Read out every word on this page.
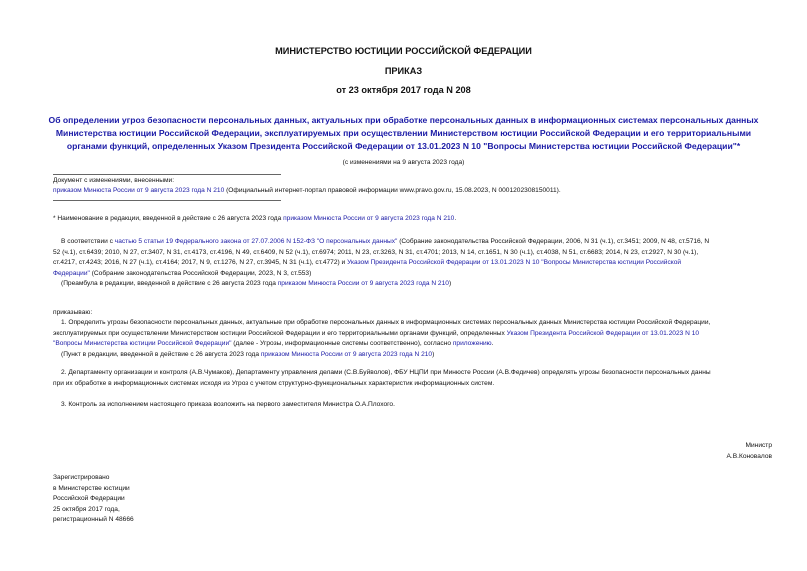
МИНИСТЕРСТВО ЮСТИЦИИ РОССИЙСКОЙ ФЕДЕРАЦИИ
ПРИКАЗ
от 23 октября 2017 года N 208
Об определении угроз безопасности персональных данных, актуальных при обработке персональных данных в информационных системах персональных данных
Министерства юстиции Российской Федерации, эксплуатируемых при осуществлении Министерством юстиции Российской Федерации и его территориальными
органами функций, определенных Указом Президента Российской Федерации от 13.01.2023 N 10 "Вопросы Министерства юстиции Российской Федерации"*
(с изменениями на 9 августа 2023 года)
Документ с изменениями, внесенными:
приказом Минюста России от 9 августа 2023 года N 210 (Официальный интернет-портал правовой информации www.pravo.gov.ru, 15.08.2023, N 0001202308150011).
* Наименование в редакции, введенной в действие с 26 августа 2023 года приказом Минюста России от 9 августа 2023 года N 210.
В соответствии с частью 5 статьи 19 Федерального закона от 27.07.2006 N 152-ФЗ "О персональных данных" (Собрание законодательства Российской Федерации, 2006, N 31 (ч.1), ст.3451; 2009, N 48, ст.5716, N
52 (ч.1), ст.6439; 2010, N 27, ст.3407, N 31, ст.4173, ст.4196, N 49, ст.6409, N 52 (ч.1), ст.6974; 2011, N 23, ст.3263, N 31, ст.4701; 2013, N 14, ст.1651, N 30 (ч.1), ст.4038, N 51, ст.6683; 2014, N 23, ст.2927, N 30 (ч.1),
ст.4217, ст.4243; 2016, N 27 (ч.1), ст.4164; 2017, N 9, ст.1276, N 27, ст.3945, N 31 (ч.1), ст.4772) и Указом Президента Российской Федерации от 13.01.2023 N 10 "Вопросы Министерства юстиции Российской
Федерации" (Собрание законодательства Российской Федерации, 2023, N 3, ст.553)
(Преамбула в редакции, введенной в действие с 26 августа 2023 года приказом Минюста России от 9 августа 2023 года N 210)
приказываю:
1. Определить угрозы безопасности персональных данных, актуальные при обработке персональных данных в информационных системах персональных данных Министерства юстиции Российской Федерации,
эксплуатируемых при осуществлении Министерством юстиции Российской Федерации и его территориальными органами функций, определенных Указом Президента Российской Федерации от 13.01.2023 N 10
"Вопросы Министерства юстиции Российской Федерации" (далее - Угрозы, информационные системы соответственно), согласно приложению.
(Пункт в редакции, введенной в действие с 26 августа 2023 года приказом Минюста России от 9 августа 2023 года N 210)
2. Департаменту организации и контроля (А.В.Чумаков), Департаменту управления делами (С.В.Буйволов), ФБУ НЦПИ при Минюсте России (А.В.Федичев) определять угрозы безопасности персональных данны
при их обработке в информационных системах исходя из Угроз с учетом структурно-функциональных характеристик информационных систем.
3. Контроль за исполнением настоящего приказа возложить на первого заместителя Министра О.А.Плохого.
Министр
А.В.Коновалов
Зарегистрировано
в Министерстве юстиции
Российской Федерации
25 октября 2017 года,
регистрационный N 48666
